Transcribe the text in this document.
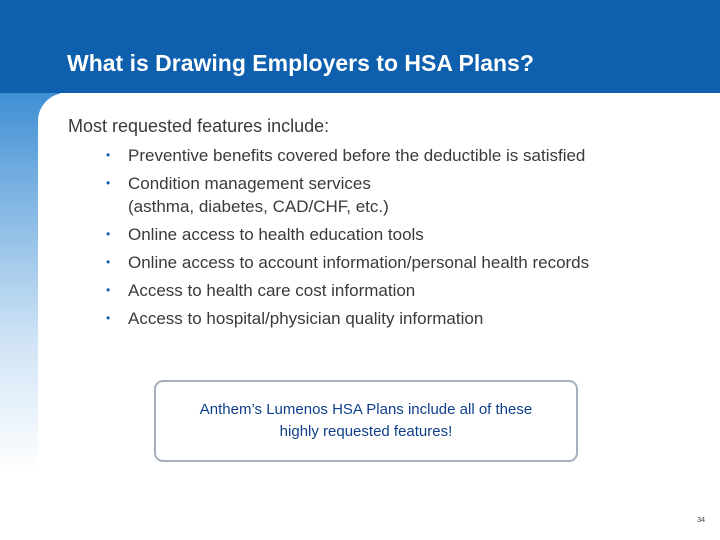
What is Drawing Employers to HSA Plans?

Most requested features include:

• Preventive benefits covered before the deductible is satisfied
• Condition management services
(asthma, diabetes, CAD/CHF, etc.)
• Online access to health education tools
• Online access to account information/personal health records
• Access to health care cost information
• Access to hospital/physician quality information
Anthem’s Lumenos HSA Plans include all of these
highly requested features!
34
